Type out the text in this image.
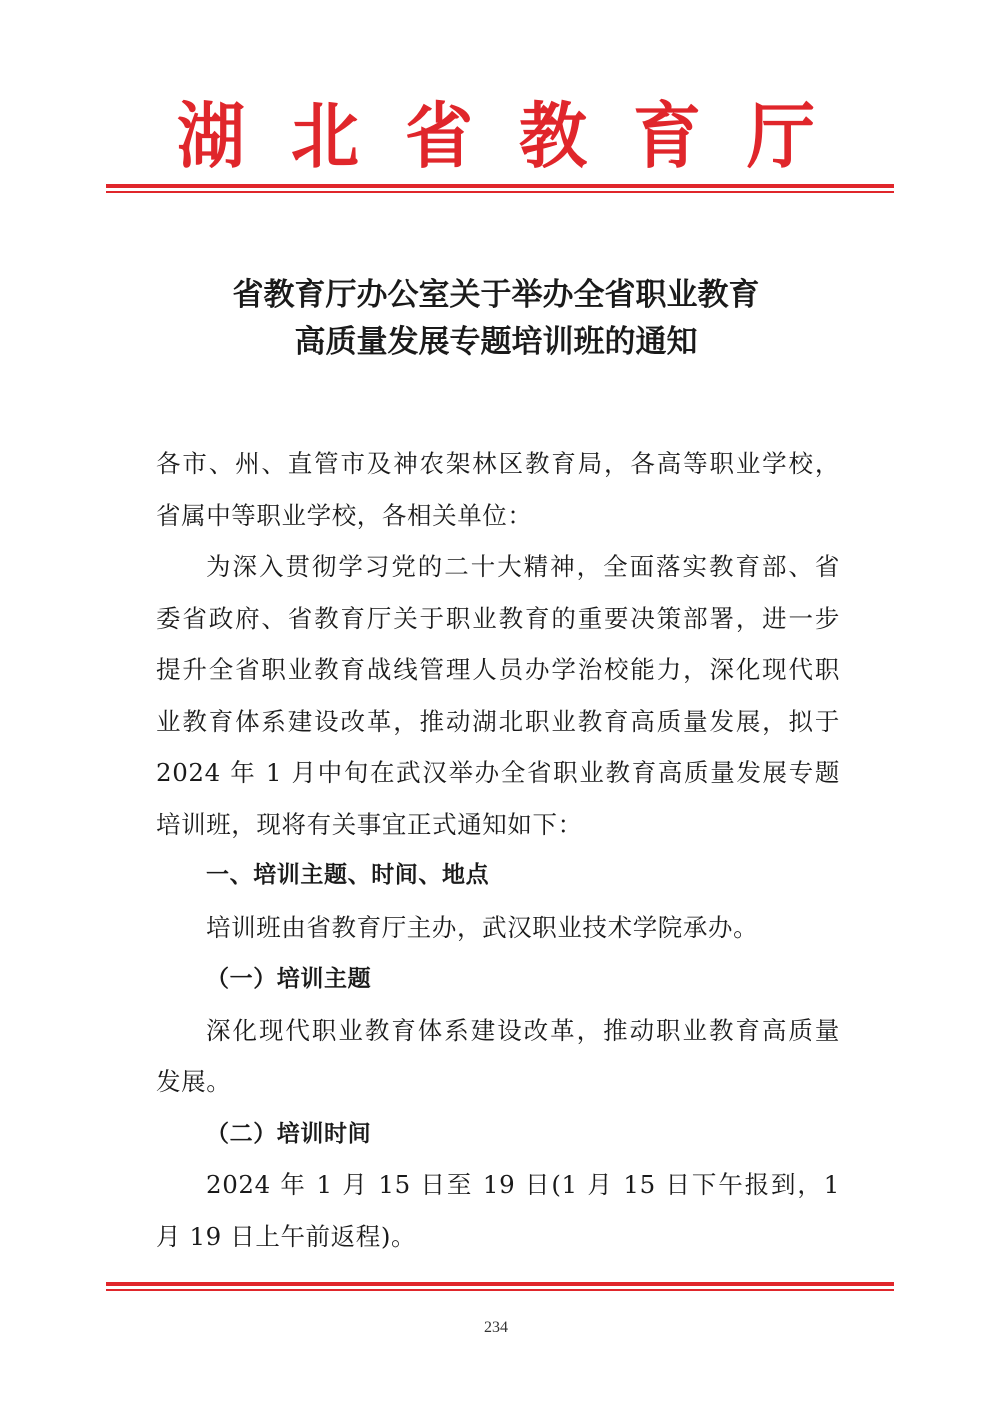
湖北省教育厅
省教育厅办公室关于举办全省职业教育
高质量发展专题培训班的通知
各市、州、直管市及神农架林区教育局，各高等职业学校，
省属中等职业学校，各相关单位：
为深入贯彻学习党的二十大精神，全面落实教育部、省
委省政府、省教育厅关于职业教育的重要决策部署，进一步
提升全省职业教育战线管理人员办学治校能力，深化现代职
业教育体系建设改革，推动湖北职业教育高质量发展，拟于
2024 年 1 月中旬在武汉举办全省职业教育高质量发展专题
培训班，现将有关事宜正式通知如下：
一、培训主题、时间、地点
培训班由省教育厅主办，武汉职业技术学院承办。
（一）培训主题
深化现代职业教育体系建设改革，推动职业教育高质量
发展。
（二）培训时间
2024 年 1 月 15 日至 19 日(1 月 15 日下午报到，1
月 19 日上午前返程)。
234
